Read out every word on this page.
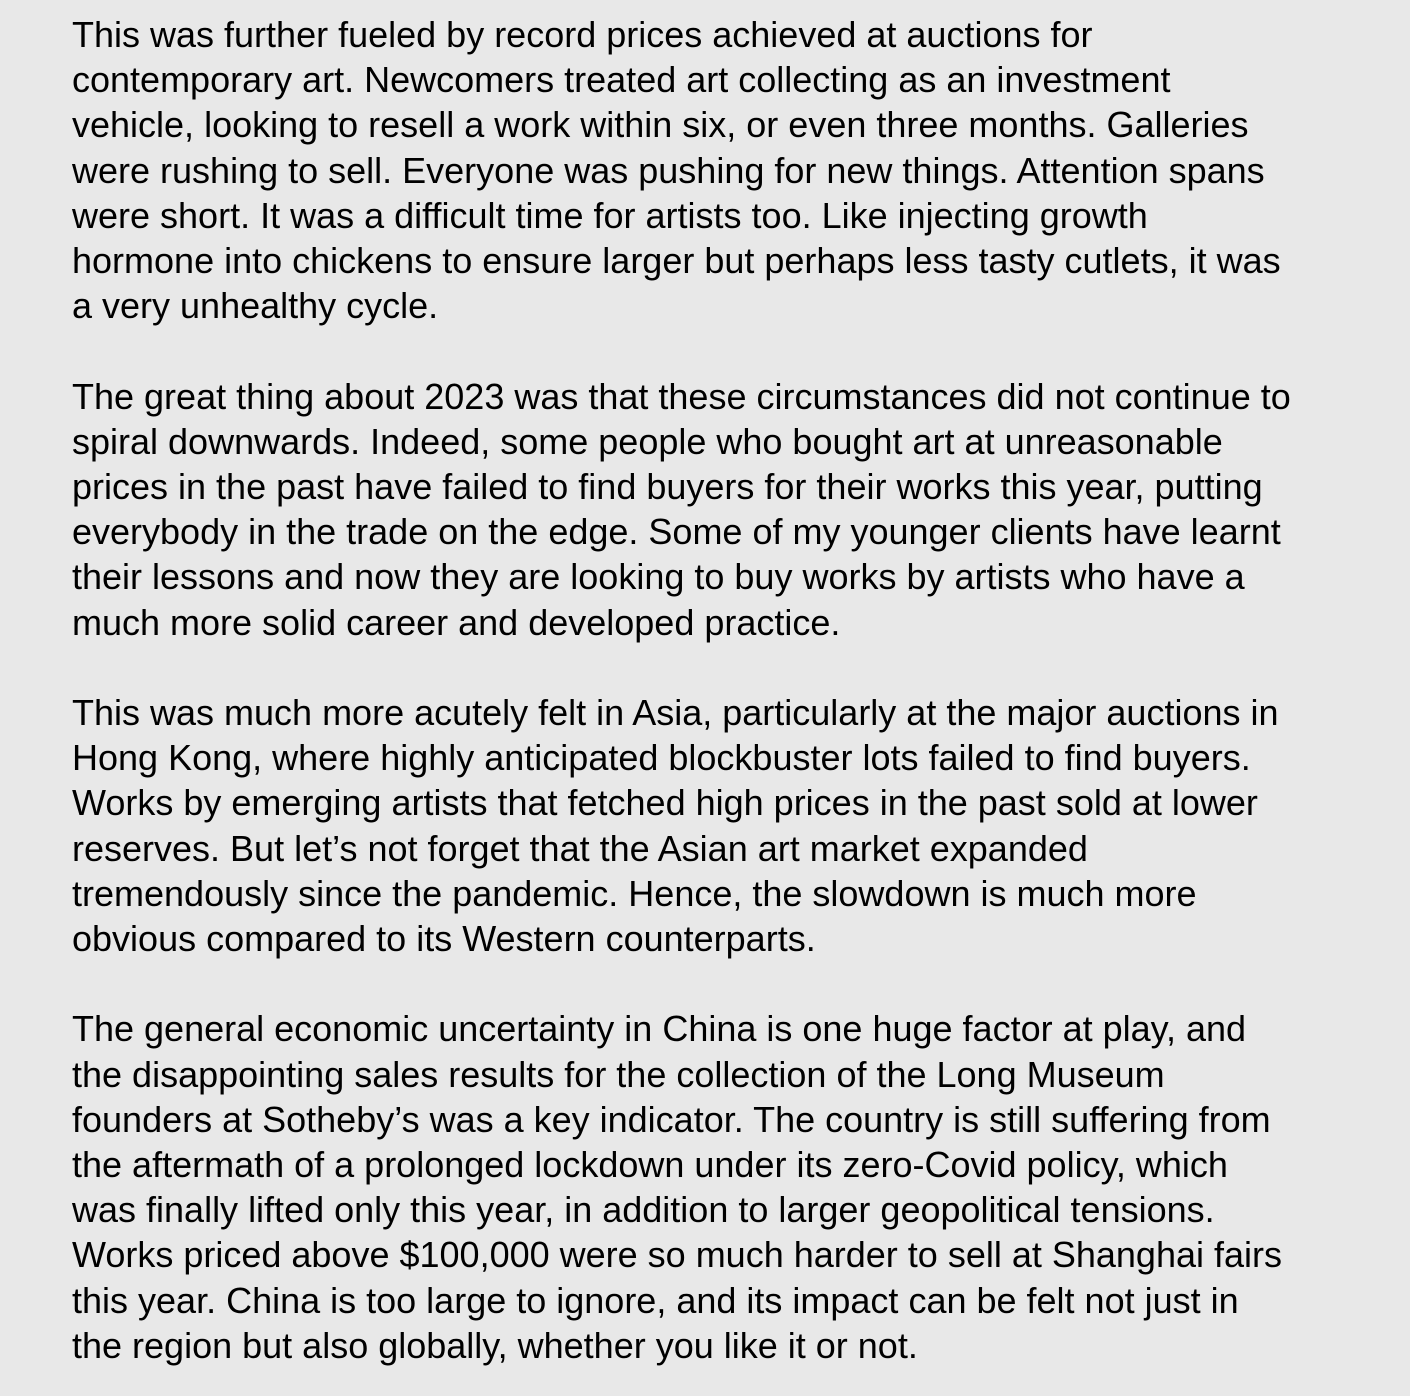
This was further fueled by record prices achieved at auctions for
contemporary art. Newcomers treated art collecting as an investment
vehicle, looking to resell a work within six, or even three months. Galleries
were rushing to sell. Everyone was pushing for new things. Attention spans
were short. It was a difficult time for artists too. Like injecting growth
hormone into chickens to ensure larger but perhaps less tasty cutlets, it was
a very unhealthy cycle.

The great thing about 2023 was that these circumstances did not continue to
spiral downwards. Indeed, some people who bought art at unreasonable
prices in the past have failed to find buyers for their works this year, putting
everybody in the trade on the edge. Some of my younger clients have learnt
their lessons and now they are looking to buy works by artists who have a
much more solid career and developed practice.

This was much more acutely felt in Asia, particularly at the major auctions in
Hong Kong, where highly anticipated blockbuster lots failed to find buyers.
Works by emerging artists that fetched high prices in the past sold at lower
reserves. But let’s not forget that the Asian art market expanded
tremendously since the pandemic. Hence, the slowdown is much more
obvious compared to its Western counterparts.

The general economic uncertainty in China is one huge factor at play, and
the disappointing sales results for the collection of the Long Museum
founders at Sotheby’s was a key indicator. The country is still suffering from
the aftermath of a prolonged lockdown under its zero-Covid policy, which
was finally lifted only this year, in addition to larger geopolitical tensions.
Works priced above $100,000 were so much harder to sell at Shanghai fairs
this year. China is too large to ignore, and its impact can be felt not just in
the region but also globally, whether you like it or not.
